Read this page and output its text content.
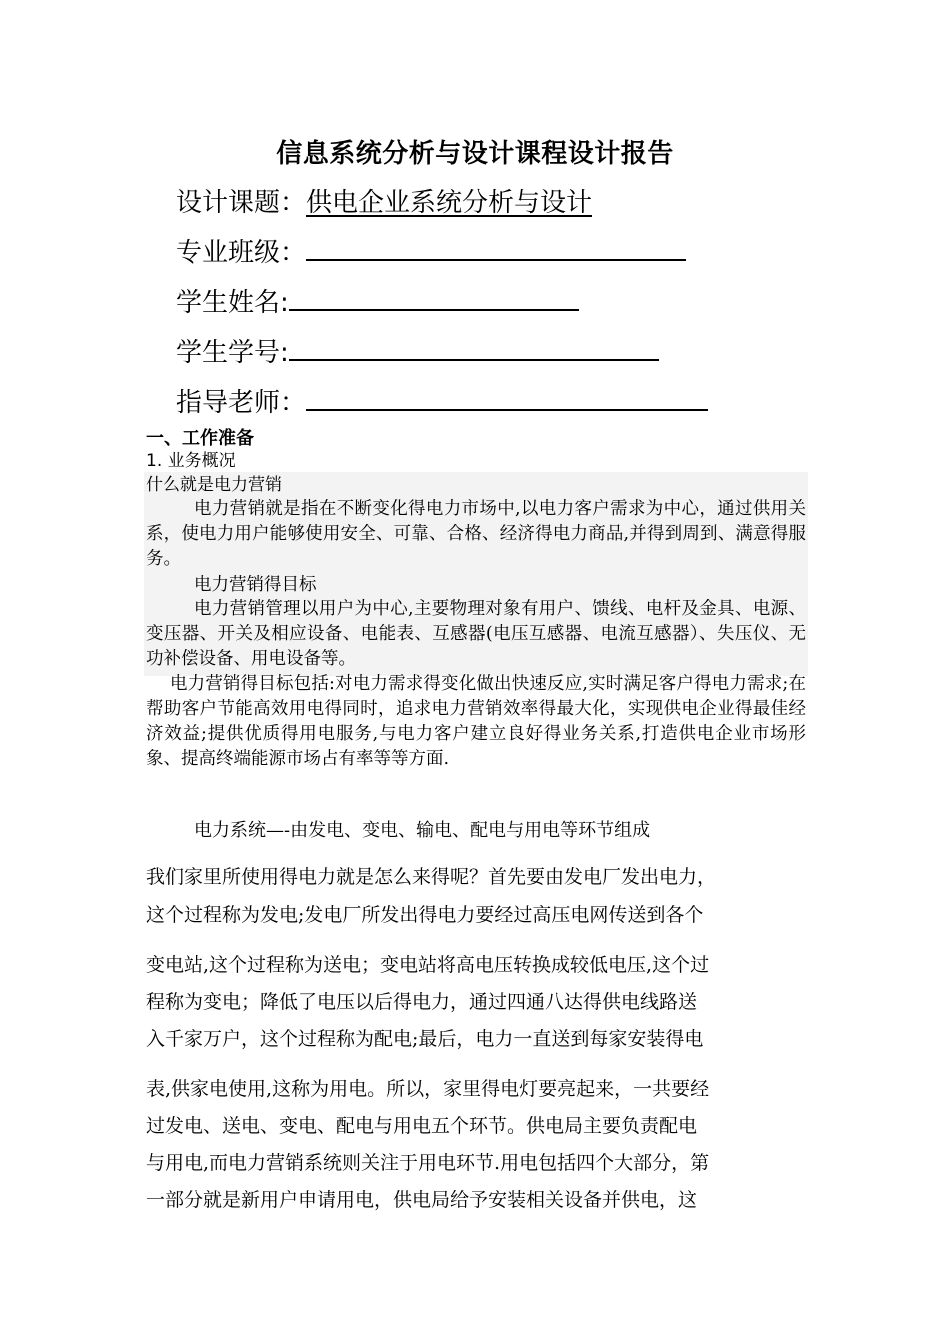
信息系统分析与设计课程设计报告
设计课题：供电企业系统分析与设计
专业班级：
学生姓名:
学生学号:
指导老师：
一、工作准备
1. 业务概况
什么就是电力营销
电力营销就是指在不断变化得电力市场中,以电力客户需求为中心，通过供用关系，使电力用户能够使用安全、可靠、合格、经济得电力商品,并得到周到、满意得服务。
电力营销得目标
电力营销管理以用户为中心,主要物理对象有用户、馈线、电杆及金具、电源、变压器、开关及相应设备、电能表、互感器(电压互感器、电流互感器）、失压仪、无功补偿设备、用电设备等。
电力营销得目标包括:对电力需求得变化做出快速反应,实时满足客户得电力需求;在帮助客户节能高效用电得同时，追求电力营销效率得最大化，实现供电企业得最佳经济效益;提供优质得用电服务,与电力客户建立良好得业务关系,打造供电企业市场形象、提高终端能源市场占有率等等方面.
电力系统—-由发电、变电、输电、配电与用电等环节组成
我们家里所使用得电力就是怎么来得呢？首先要由发电厂发出电力，
这个过程称为发电;发电厂所发出得电力要经过高压电网传送到各个
变电站,这个过程称为送电；变电站将高电压转换成较低电压,这个过
程称为变电；降低了电压以后得电力，通过四通八达得供电线路送
入千家万户，这个过程称为配电;最后，电力一直送到每家安装得电
表,供家电使用,这称为用电。所以，家里得电灯要亮起来，一共要经
过发电、送电、变电、配电与用电五个环节。供电局主要负责配电
与用电,而电力营销系统则关注于用电环节.用电包括四个大部分，第
一部分就是新用户申请用电，供电局给予安装相关设备并供电，这
